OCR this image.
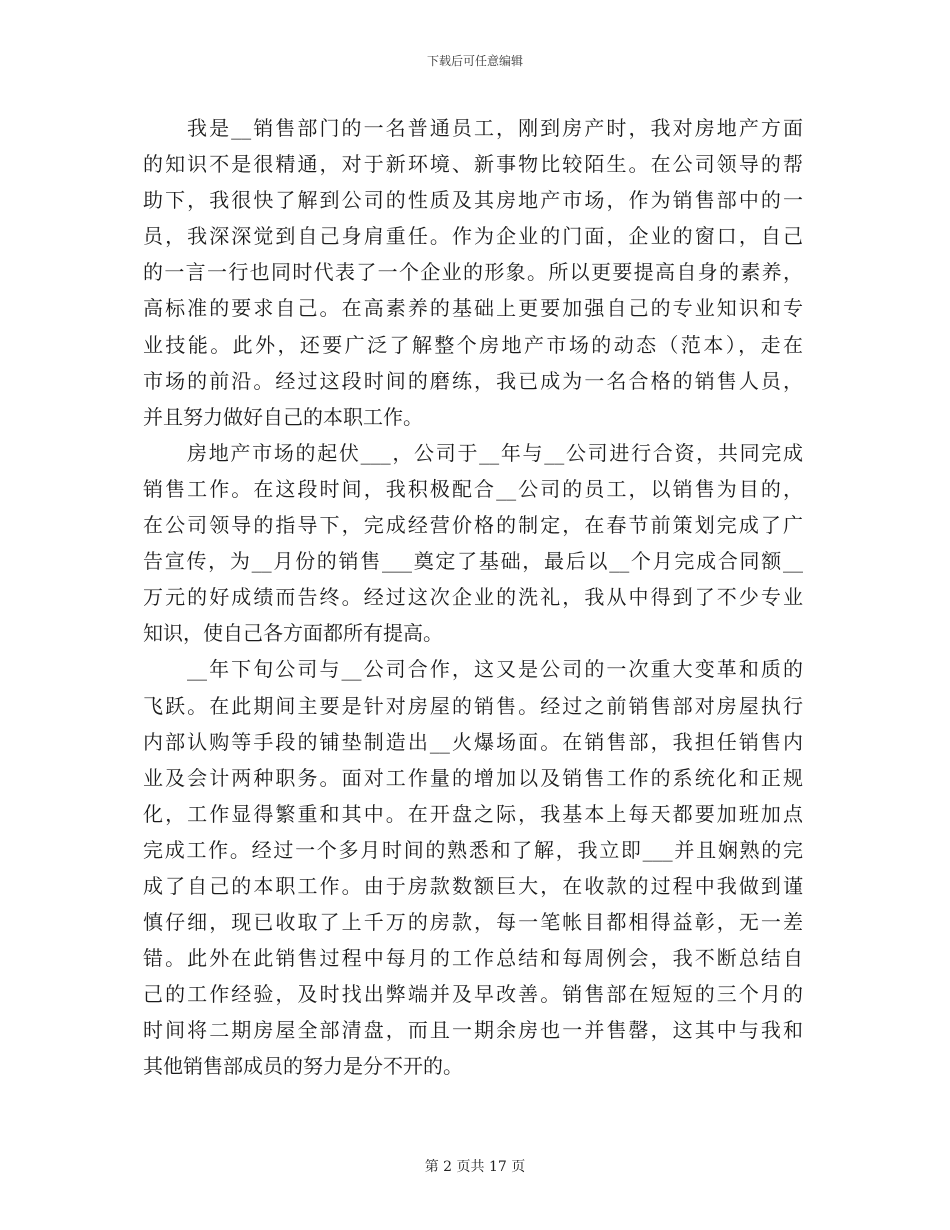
下载后可任意编辑
我是__销售部门的一名普通员工，刚到房产时，我对房地产方面
的知识不是很精通，对于新环境、新事物比较陌生。在公司领导的帮
助下，我很快了解到公司的性质及其房地产市场，作为销售部中的一
员，我深深觉到自己身肩重任。作为企业的门面，企业的窗口，自己
的一言一行也同时代表了一个企业的形象。所以更要提高自身的素养，
高标准的要求自己。在高素养的基础上更要加强自己的专业知识和专
业技能。此外，还要广泛了解整个房地产市场的动态（范本），走在
市场的前沿。经过这段时间的磨练，我已成为一名合格的销售人员，
并且努力做好自己的本职工作。
房地产市场的起伏___，公司于__年与__公司进行合资，共同完成
销售工作。在这段时间，我积极配合__公司的员工，以销售为目的，
在公司领导的指导下，完成经营价格的制定，在春节前策划完成了广
告宣传，为__月份的销售___奠定了基础，最后以__个月完成合同额__
万元的好成绩而告终。经过这次企业的洗礼，我从中得到了不少专业
知识，使自己各方面都所有提高。
__年下旬公司与__公司合作，这又是公司的一次重大变革和质的
飞跃。在此期间主要是针对房屋的销售。经过之前销售部对房屋执行
内部认购等手段的铺垫制造出__火爆场面。在销售部，我担任销售内
业及会计两种职务。面对工作量的增加以及销售工作的系统化和正规
化，工作显得繁重和其中。在开盘之际，我基本上每天都要加班加点
完成工作。经过一个多月时间的熟悉和了解，我立即___并且娴熟的完
成了自己的本职工作。由于房款数额巨大，在收款的过程中我做到谨
慎仔细，现已收取了上千万的房款，每一笔帐目都相得益彰，无一差
错。此外在此销售过程中每月的工作总结和每周例会，我不断总结自
己的工作经验，及时找出弊端并及早改善。销售部在短短的三个月的
时间将二期房屋全部清盘，而且一期余房也一并售罄，这其中与我和
其他销售部成员的努力是分不开的。
第 2 页共 17 页
